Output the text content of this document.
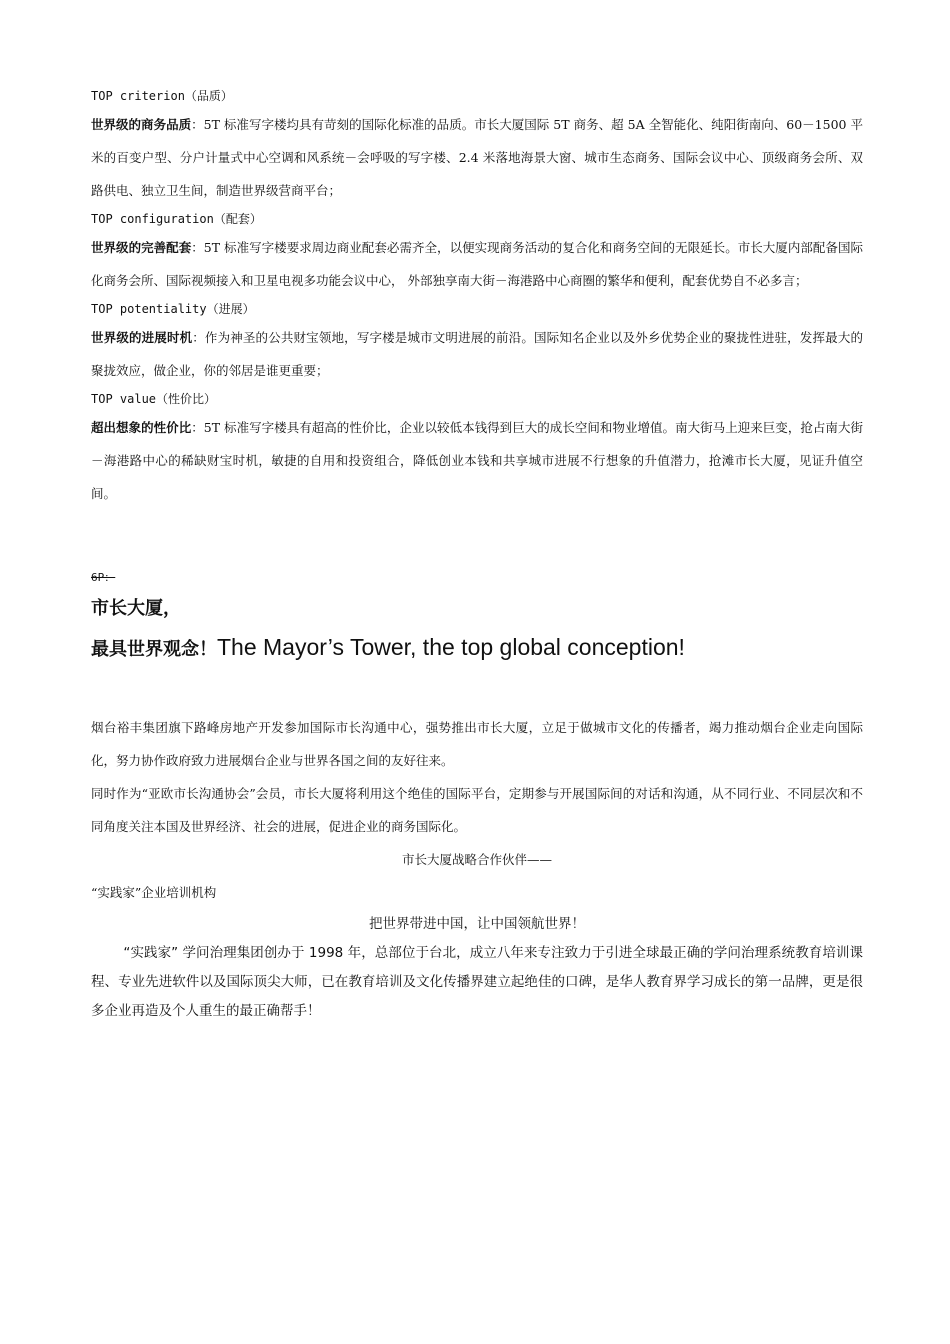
TOP criterion（品质）

世界级的商务品质：5T 标准写字楼均具有苛刻的国际化标准的品质。市长大厦国际 5T 商务、超 5A 全智能化、纯阳街南向、60－1500 平米的百变户型、分户计量式中心空调和风系统－会呼吸的写字楼、2.4 米落地海景大窗、城市生态商务、国际会议中心、顶级商务会所、双路供电、独立卫生间，制造世界级营商平台；

TOP configuration（配套）

世界级的完善配套：5T 标准写字楼要求周边商业配套必需齐全，以便实现商务活动的复合化和商务空间的无限延长。市长大厦内部配备国际化商务会所、国际视频接入和卫星电视多功能会议中心， 外部独享南大街－海港路中心商圈的繁华和便利，配套优势自不必多言；

TOP potentiality（进展）

世界级的进展时机：作为神圣的公共财宝领地，写字楼是城市文明进展的前沿。国际知名企业以及外乡优势企业的聚拢性进驻，发挥最大的聚拢效应，做企业，你的邻居是谁更重要；

TOP value（性价比）

超出想象的性价比：5T 标准写字楼具有超高的性价比，企业以较低本钱得到巨大的成长空间和物业增值。南大街马上迎来巨变，抢占南大街－海港路中心的稀缺财宝时机，敏捷的自用和投资组合，降低创业本钱和共享城市进展不行想象的升值潜力，抢滩市长大厦，见证升值空间。

6P：

市长大厦，

最具世界观念！The Mayor’s Tower, the top global conception!

烟台裕丰集团旗下路峰房地产开发参加国际市长沟通中心，强势推出市长大厦，立足于做城市文化的传播者，竭力推动烟台企业走向国际化，努力协作政府致力进展烟台企业与世界各国之间的友好往来。

同时作为“亚欧市长沟通协会”会员，市长大厦将利用这个绝佳的国际平台，定期参与开展国际间的对话和沟通，从不同行业、不同层次和不同角度关注本国及世界经济、社会的进展，促进企业的商务国际化。

市长大厦战略合作伙伴——

“实践家”企业培训机构

把世界带进中国，让中国领航世界！

“实践家” 学问治理集团创办于 1998 年，总部位于台北，成立八年来专注致力于引进全球最正确的学问治理系统教育培训课程、专业先进软件以及国际顶尖大师，已在教育培训及文化传播界建立起绝佳的口碑，是华人教育界学习成长的第一品牌，更是很多企业再造及个人重生的最正确帮手！
